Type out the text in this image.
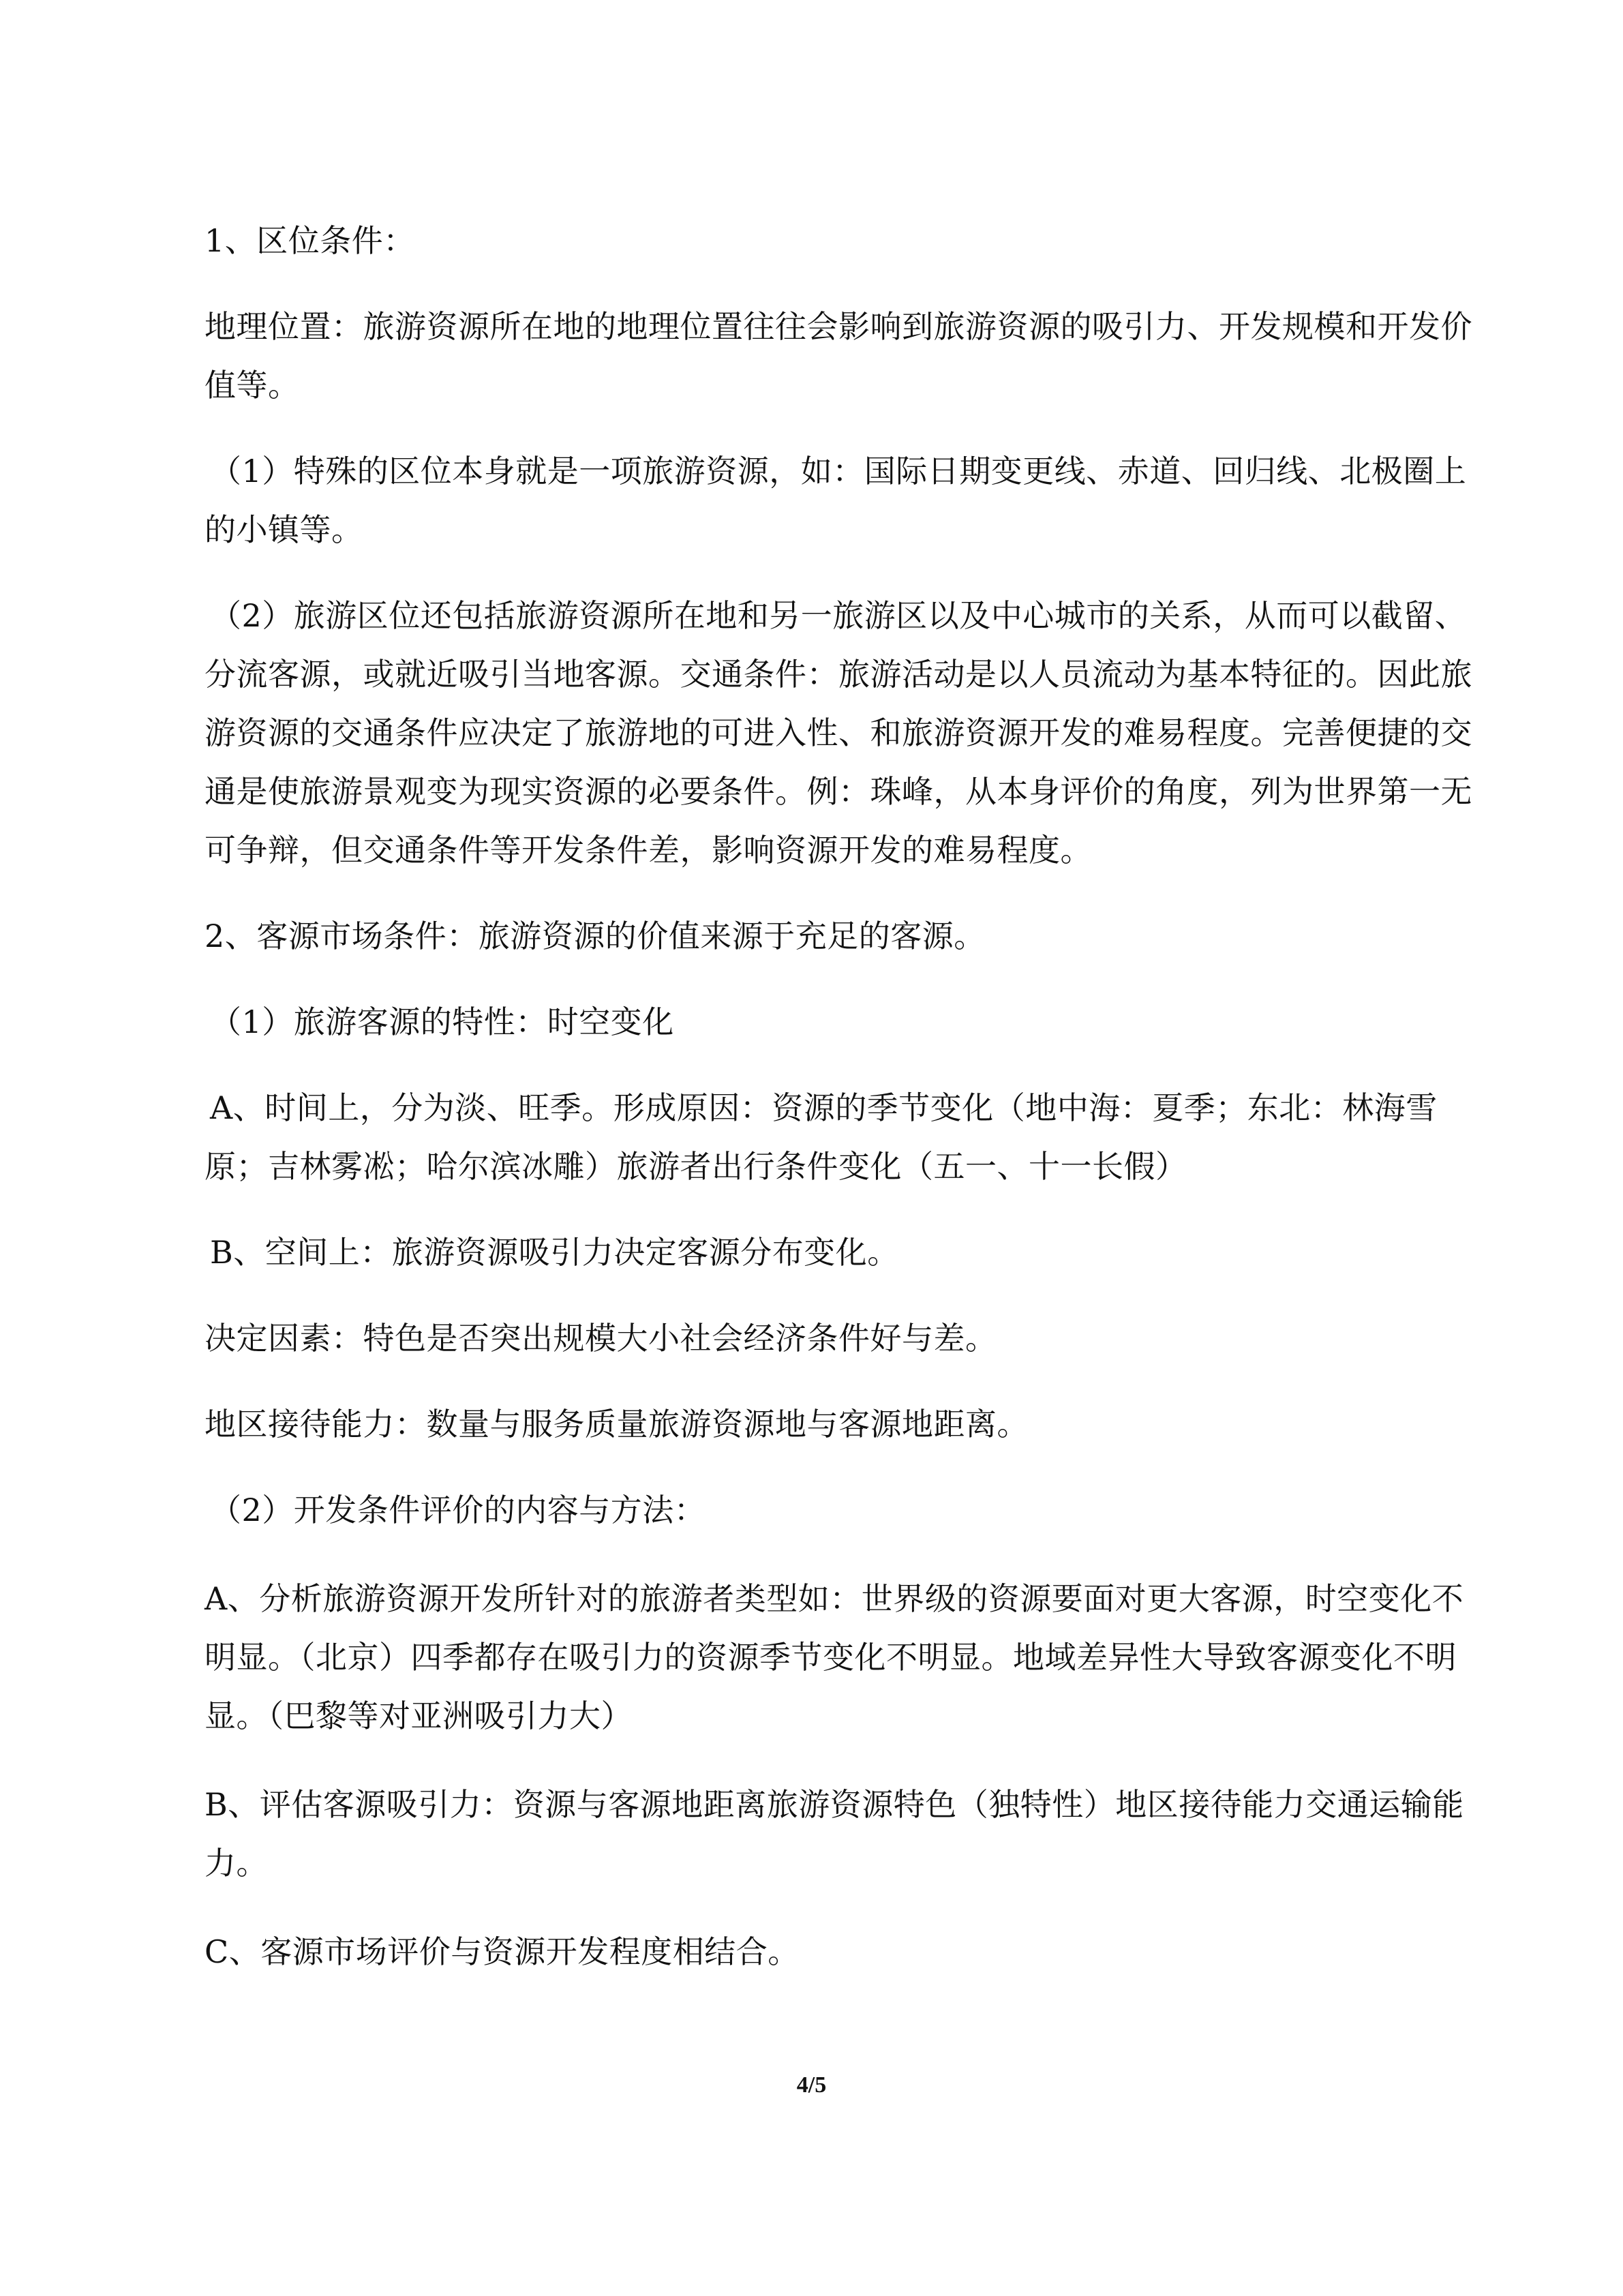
1、区位条件：

地理位置：旅游资源所在地的地理位置往往会影响到旅游资源的吸引力、开发规模和开发价值等。

（1）特殊的区位本身就是一项旅游资源，如：国际日期变更线、赤道、回归线、北极圈上的小镇等。

（2）旅游区位还包括旅游资源所在地和另一旅游区以及中心城市的关系，从而可以截留、分流客源，或就近吸引当地客源。交通条件：旅游活动是以人员流动为基本特征的。因此旅游资源的交通条件应决定了旅游地的可进入性、和旅游资源开发的难易程度。完善便捷的交通是使旅游景观变为现实资源的必要条件。例：珠峰，从本身评价的角度，列为世界第一无可争辩，但交通条件等开发条件差，影响资源开发的难易程度。

2、客源市场条件：旅游资源的价值来源于充足的客源。

（1）旅游客源的特性：时空变化

A、时间上，分为淡、旺季。形成原因：资源的季节变化（地中海：夏季；东北：林海雪原；吉林雾凇；哈尔滨冰雕）旅游者出行条件变化（五一、十一长假）

B、空间上：旅游资源吸引力决定客源分布变化。

决定因素：特色是否突出规模大小社会经济条件好与差。

地区接待能力：数量与服务质量旅游资源地与客源地距离。

（2）开发条件评价的内容与方法：

A、分析旅游资源开发所针对的旅游者类型如：世界级的资源要面对更大客源，时空变化不明显。（北京）四季都存在吸引力的资源季节变化不明显。地域差异性大导致客源变化不明显。（巴黎等对亚洲吸引力大）

B、评估客源吸引力：资源与客源地距离旅游资源特色（独特性）地区接待能力交通运输能力。

C、客源市场评价与资源开发程度相结合。

4/5
